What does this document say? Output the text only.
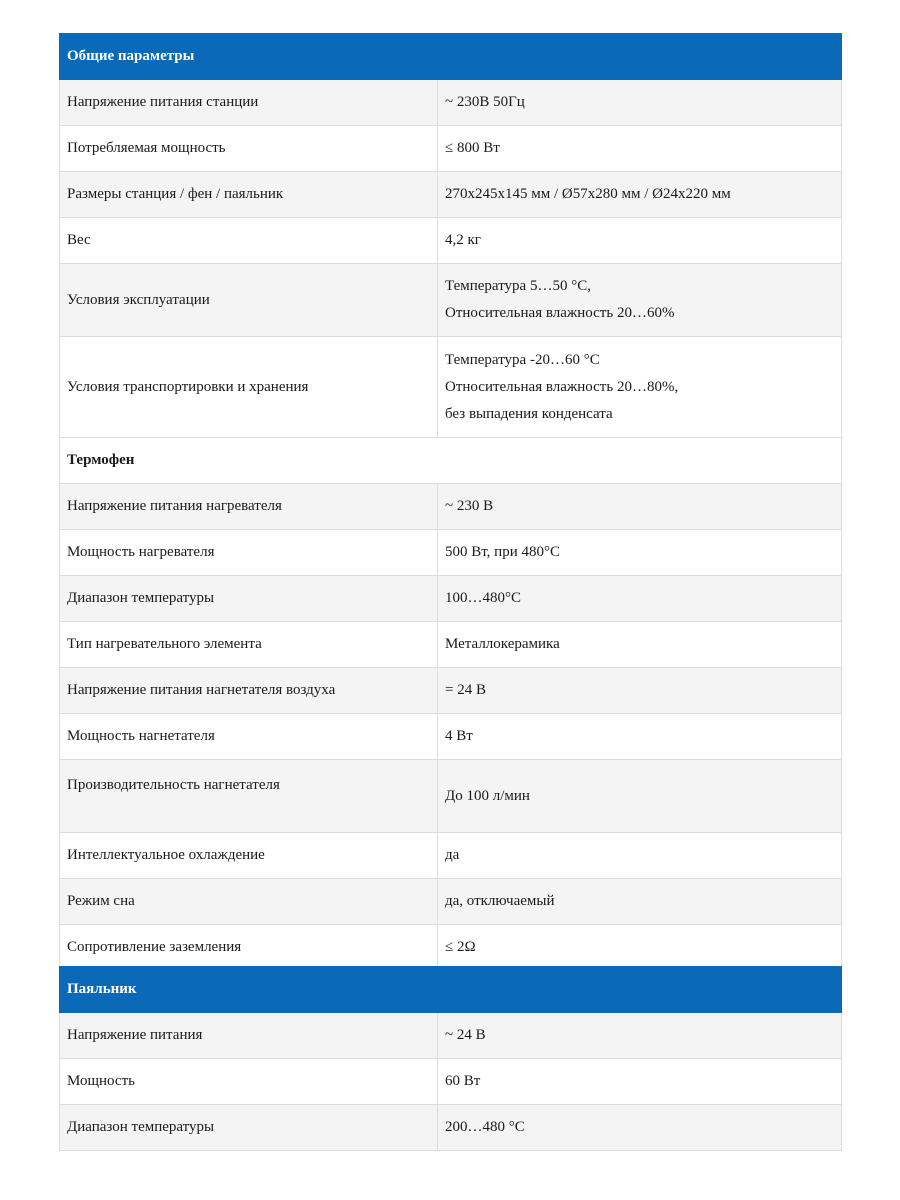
Общие параметры	
Напряжение питания станции	~ 230В 50Гц
Потребляемая мощность	≤ 800 Вт
Размеры станция / фен / паяльник	270x245x145 мм / Ø57x280 мм / Ø24x220 мм
Вес	4,2 кг
Условия эксплуатации	Температура 5…50 °C,
Относительная влажность 20…60%

Условия транспортировки и хранения	Температура -20…60 °C
Относительная влажность 20…80%,
без выпадения конденсата

Термофен	
Напряжение питания нагревателя	~ 230 В
Мощность нагревателя	500 Вт, при 480°С
Диапазон температуры	100…480°С
Тип нагревательного элемента	Металлокерамика
Напряжение питания нагнетателя воздуха	= 24 В
Мощность нагнетателя	4 Вт
Производительность нагнетателя	До 100 л/мин
Интеллектуальное охлаждение	да
Режим сна	да, отключаемый
Сопротивление заземления	≤ 2Ω
Паяльник	
Напряжение питания	~ 24 В
Мощность	60 Вт
Диапазон температуры	200…480 °C
